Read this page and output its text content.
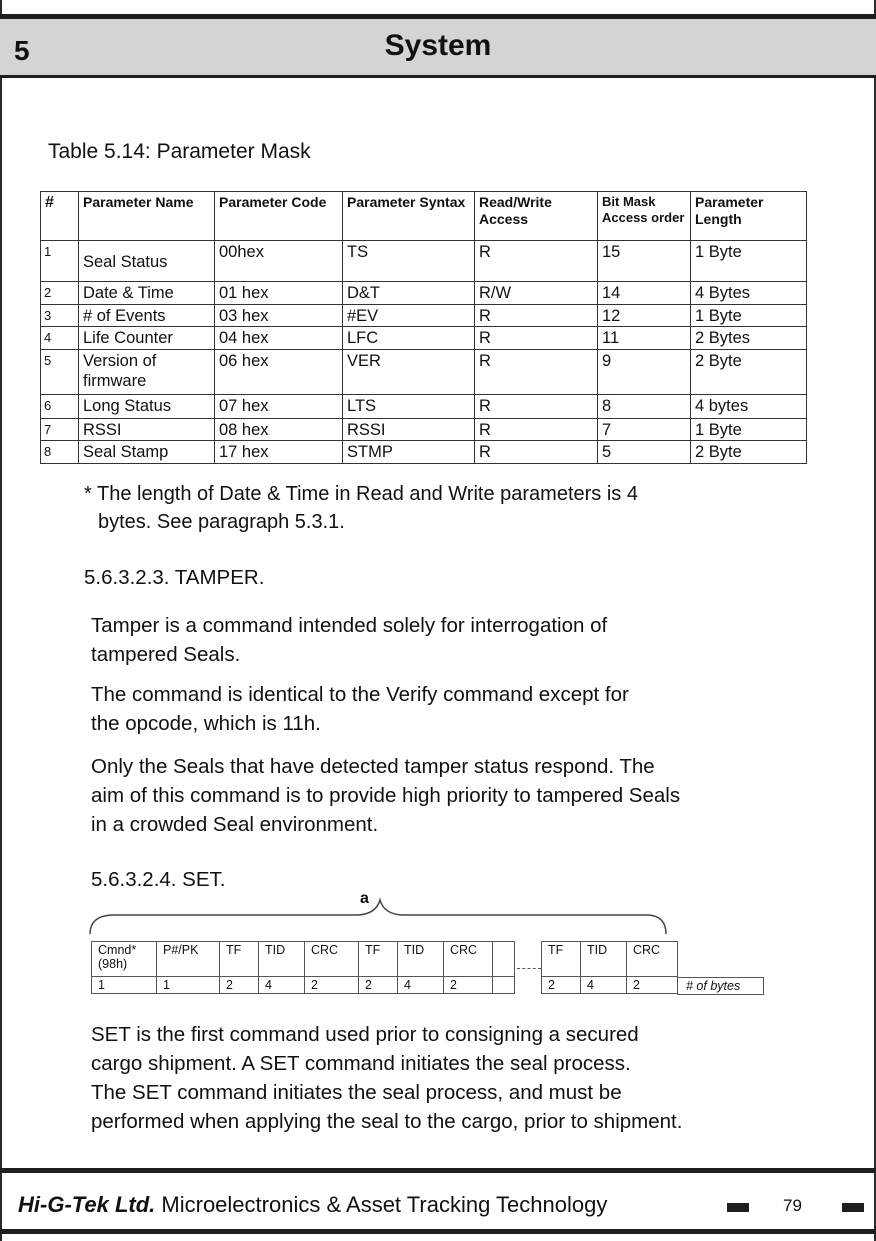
5	System
Table 5.14: Parameter Mask
#	Parameter Name	Parameter Code	Parameter Syntax	Read/Write Access	Bit Mask Access order	Parameter  Length
1	Seal Status	00hex	TS	R	15	1 Byte
2	Date & Time	01 hex	D&T	R/W	14	4 Bytes
3	# of Events	03 hex	#EV	R	12	1 Byte
4	Life Counter	04 hex	LFC	R	11	2 Bytes
5	Version of firmware	06 hex	VER	R	9	2 Byte
6	Long Status	07 hex	LTS	R	8	4 bytes
7	RSSI	08 hex	RSSI	R	7	1 Byte
8	Seal Stamp	17 hex	STMP	R	5	2 Byte
* The length of Date & Time in Read and Write parameters is 4
bytes. See paragraph 5.3.1.
5.6.3.2.3. TAMPER.
Tamper is a command intended solely for interrogation of
tampered Seals.
The command is identical to the Verify command except for
the opcode, which is 11h.
Only the Seals that have detected tamper status respond. The
aim of this command is to provide high priority to tampered Seals
in a crowded Seal environment.
5.6.3.2.4. SET.
a
Cmnd* (98h)	P#/PK	TF	TID	CRC	TF	TID	CRC	
1	1	2	4	2	2	4	2	
TF	TID	CRC
2	4	2	# of bytes
SET is the first command used prior to consigning a secured
cargo shipment. A SET command initiates the seal process.
The SET command initiates the seal process, and must be
performed when applying the seal to the cargo, prior to shipment.
Hi-G-Tek Ltd. Microelectronics & Asset Tracking Technology	79
